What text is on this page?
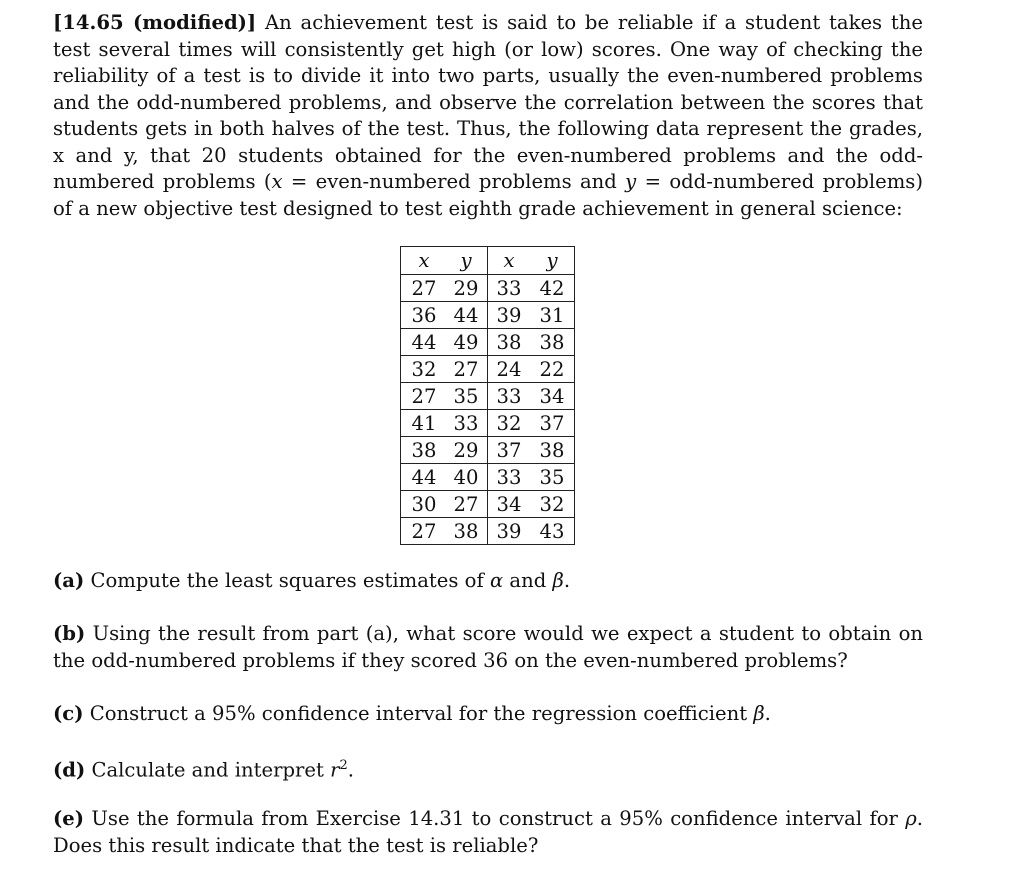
[14.65 (modified)] An achievement test is said to be reliable if a student takes the test several times will consistently get high (or low) scores. One way of checking the reliability of a test is to divide it into two parts, usually the even-numbered problems and the odd-numbered problems, and observe the correlation between the scores that students gets in both halves of the test. Thus, the following data represent the grades, x and y, that 20 students obtained for the even-numbered problems and the odd-numbered problems (x = even-numbered problems and y = odd-numbered problems) of a new objective test designed to test eighth grade achievement in general science:

x	y	x	y
27	29	33	42
36	44	39	31
44	49	38	38
32	27	24	22
27	35	33	34
41	33	32	37
38	29	37	38
44	40	33	35
30	27	34	32
27	38	39	43

(a) Compute the least squares estimates of α and β.

(b) Using the result from part (a), what score would we expect a student to obtain on the odd-numbered problems if they scored 36 on the even-numbered problems?

(c) Construct a 95% confidence interval for the regression coefficient β.

(d) Calculate and interpret $r^2$.

(e) Use the formula from Exercise 14.31 to construct a 95% confidence interval for ρ. Does this result indicate that the test is reliable?
